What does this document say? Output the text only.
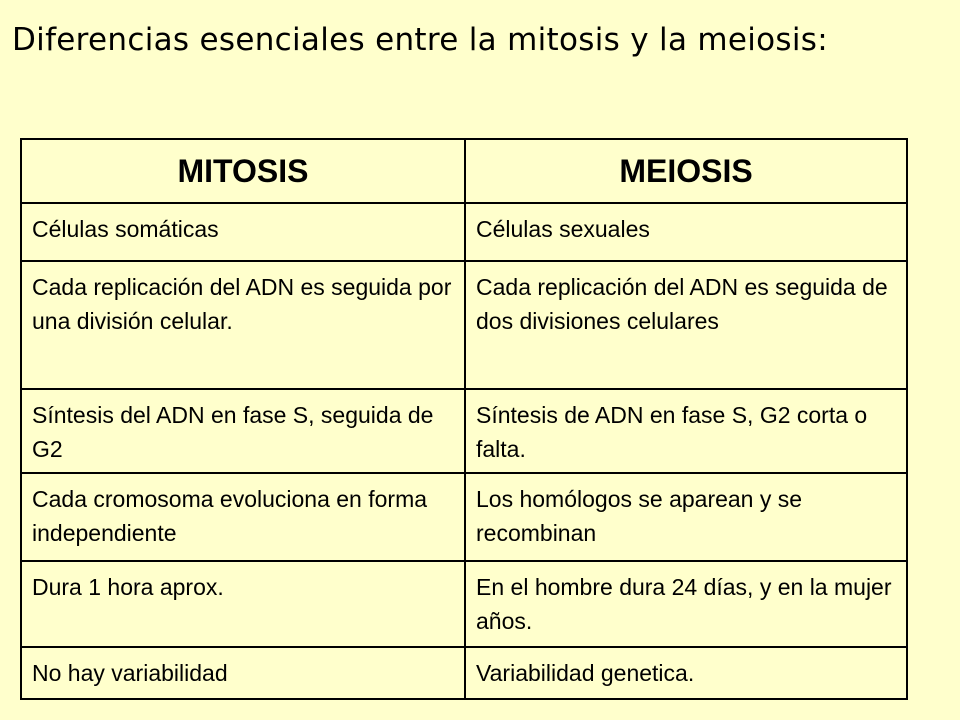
Diferencias esenciales entre la mitosis y la meiosis:
MITOSIS	MEIOSIS
Células somáticas	Células sexuales
Cada replicación del ADN es seguida por una división celular.	Cada replicación del ADN es seguida de dos divisiones celulares
Síntesis del ADN en fase S, seguida de G2	Síntesis de ADN en fase S, G2 corta o falta.
Cada cromosoma evoluciona en forma independiente	Los homólogos se aparean y se recombinan
Dura 1 hora aprox.	En el hombre dura 24 días, y en la mujer años.
No hay variabilidad	Variabilidad genetica.
